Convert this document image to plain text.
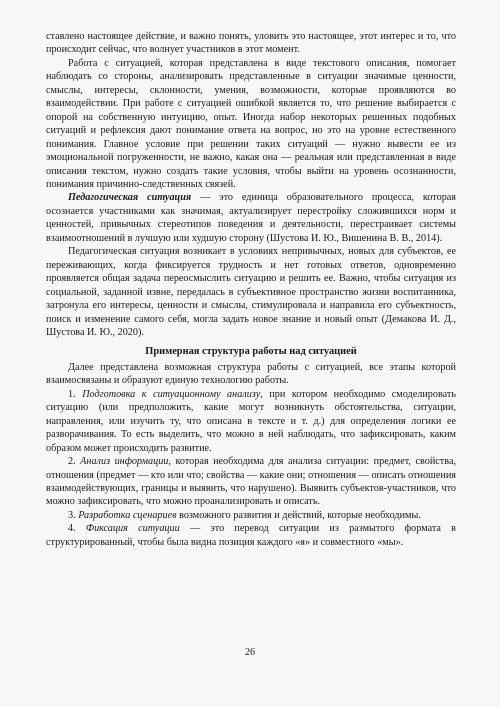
ставлено настоящее действие, и важно понять, уловить это настоящее, этот интерес и то, что происходит сейчас, что волнует участников в этот момент.

Работа с ситуацией, которая представлена в виде текстового описания, помогает наблюдать со стороны, анализировать представленные в ситуации значимые ценности, смыслы, интересы, склонности, умения, возможности, которые проявляются во взаимодействии. При работе с ситуацией ошибкой является то, что решение выбирается с опорой на собственную интуицию, опыт. Иногда набор некоторых решенных подобных ситуаций и рефлексия дают понимание ответа на вопрос, но это на уровне естественного понимания. Главное условие при решении таких ситуаций — нужно вывести ее из эмоциональной погруженности, не важно, какая она — реальная или представленная в виде описания текстом, нужно создать такие условия, чтобы выйти на уровень осознанности, понимания причинно-следственных связей.

Педагогическая ситуация — это единица образовательного процесса, которая осознается участниками как значимая, актуализирует перестройку сложившихся норм и ценностей, привычных стереотипов поведения и деятельности, перестраивает системы взаимоотношений в лучшую или худшую сторону (Шустова И. Ю., Вишенина В. В., 2014).

Педагогическая ситуация возникает в условиях непривычных, новых для субъектов, ее переживающих, когда фиксируется трудность и нет готовых ответов, одновременно проявляется общая задача переосмыслить ситуацию и решить ее. Важно, чтобы ситуация из социальной, заданной извне, передалась в субъективное пространство жизни воспитанника, затронула его интересы, ценности и смыслы, стимулировала и направила его субъектность, поиск и изменение самого себя, могла задать новое знание и новый опыт (Демакова И. Д., Шустова И. Ю., 2020).

Примерная структура работы над ситуацией

Далее представлена возможная структура работы с ситуацией, все этапы которой взаимосвязаны и образуют единую технологию работы.

1. Подготовка к ситуационному анализу, при котором необходимо смоделировать ситуацию (или предположить, какие могут возникнуть обстоятельства, ситуации, направления, или изучить ту, что описана в тексте и т. д.) для определения логики ее разворачивания. То есть выделить, что можно в ней наблюдать, что зафиксировать, каким образом может происходить развитие.

2. Анализ информации, которая необходима для анализа ситуации: предмет, свойства, отношения (предмет — кто или что; свойства — какие они; отношения — описать отношения взаимодействующих, границы и выявить, что нарушено). Выявить субъектов-участников, что можно зафиксировать, что можно проанализировать и описать.

3. Разработка сценариев возможного развития и действий, которые необходимы.

4. Фиксация ситуации — это перевод ситуации из размытого формата в структурированный, чтобы была видна позиция каждого «я» и совместного «мы».

26
